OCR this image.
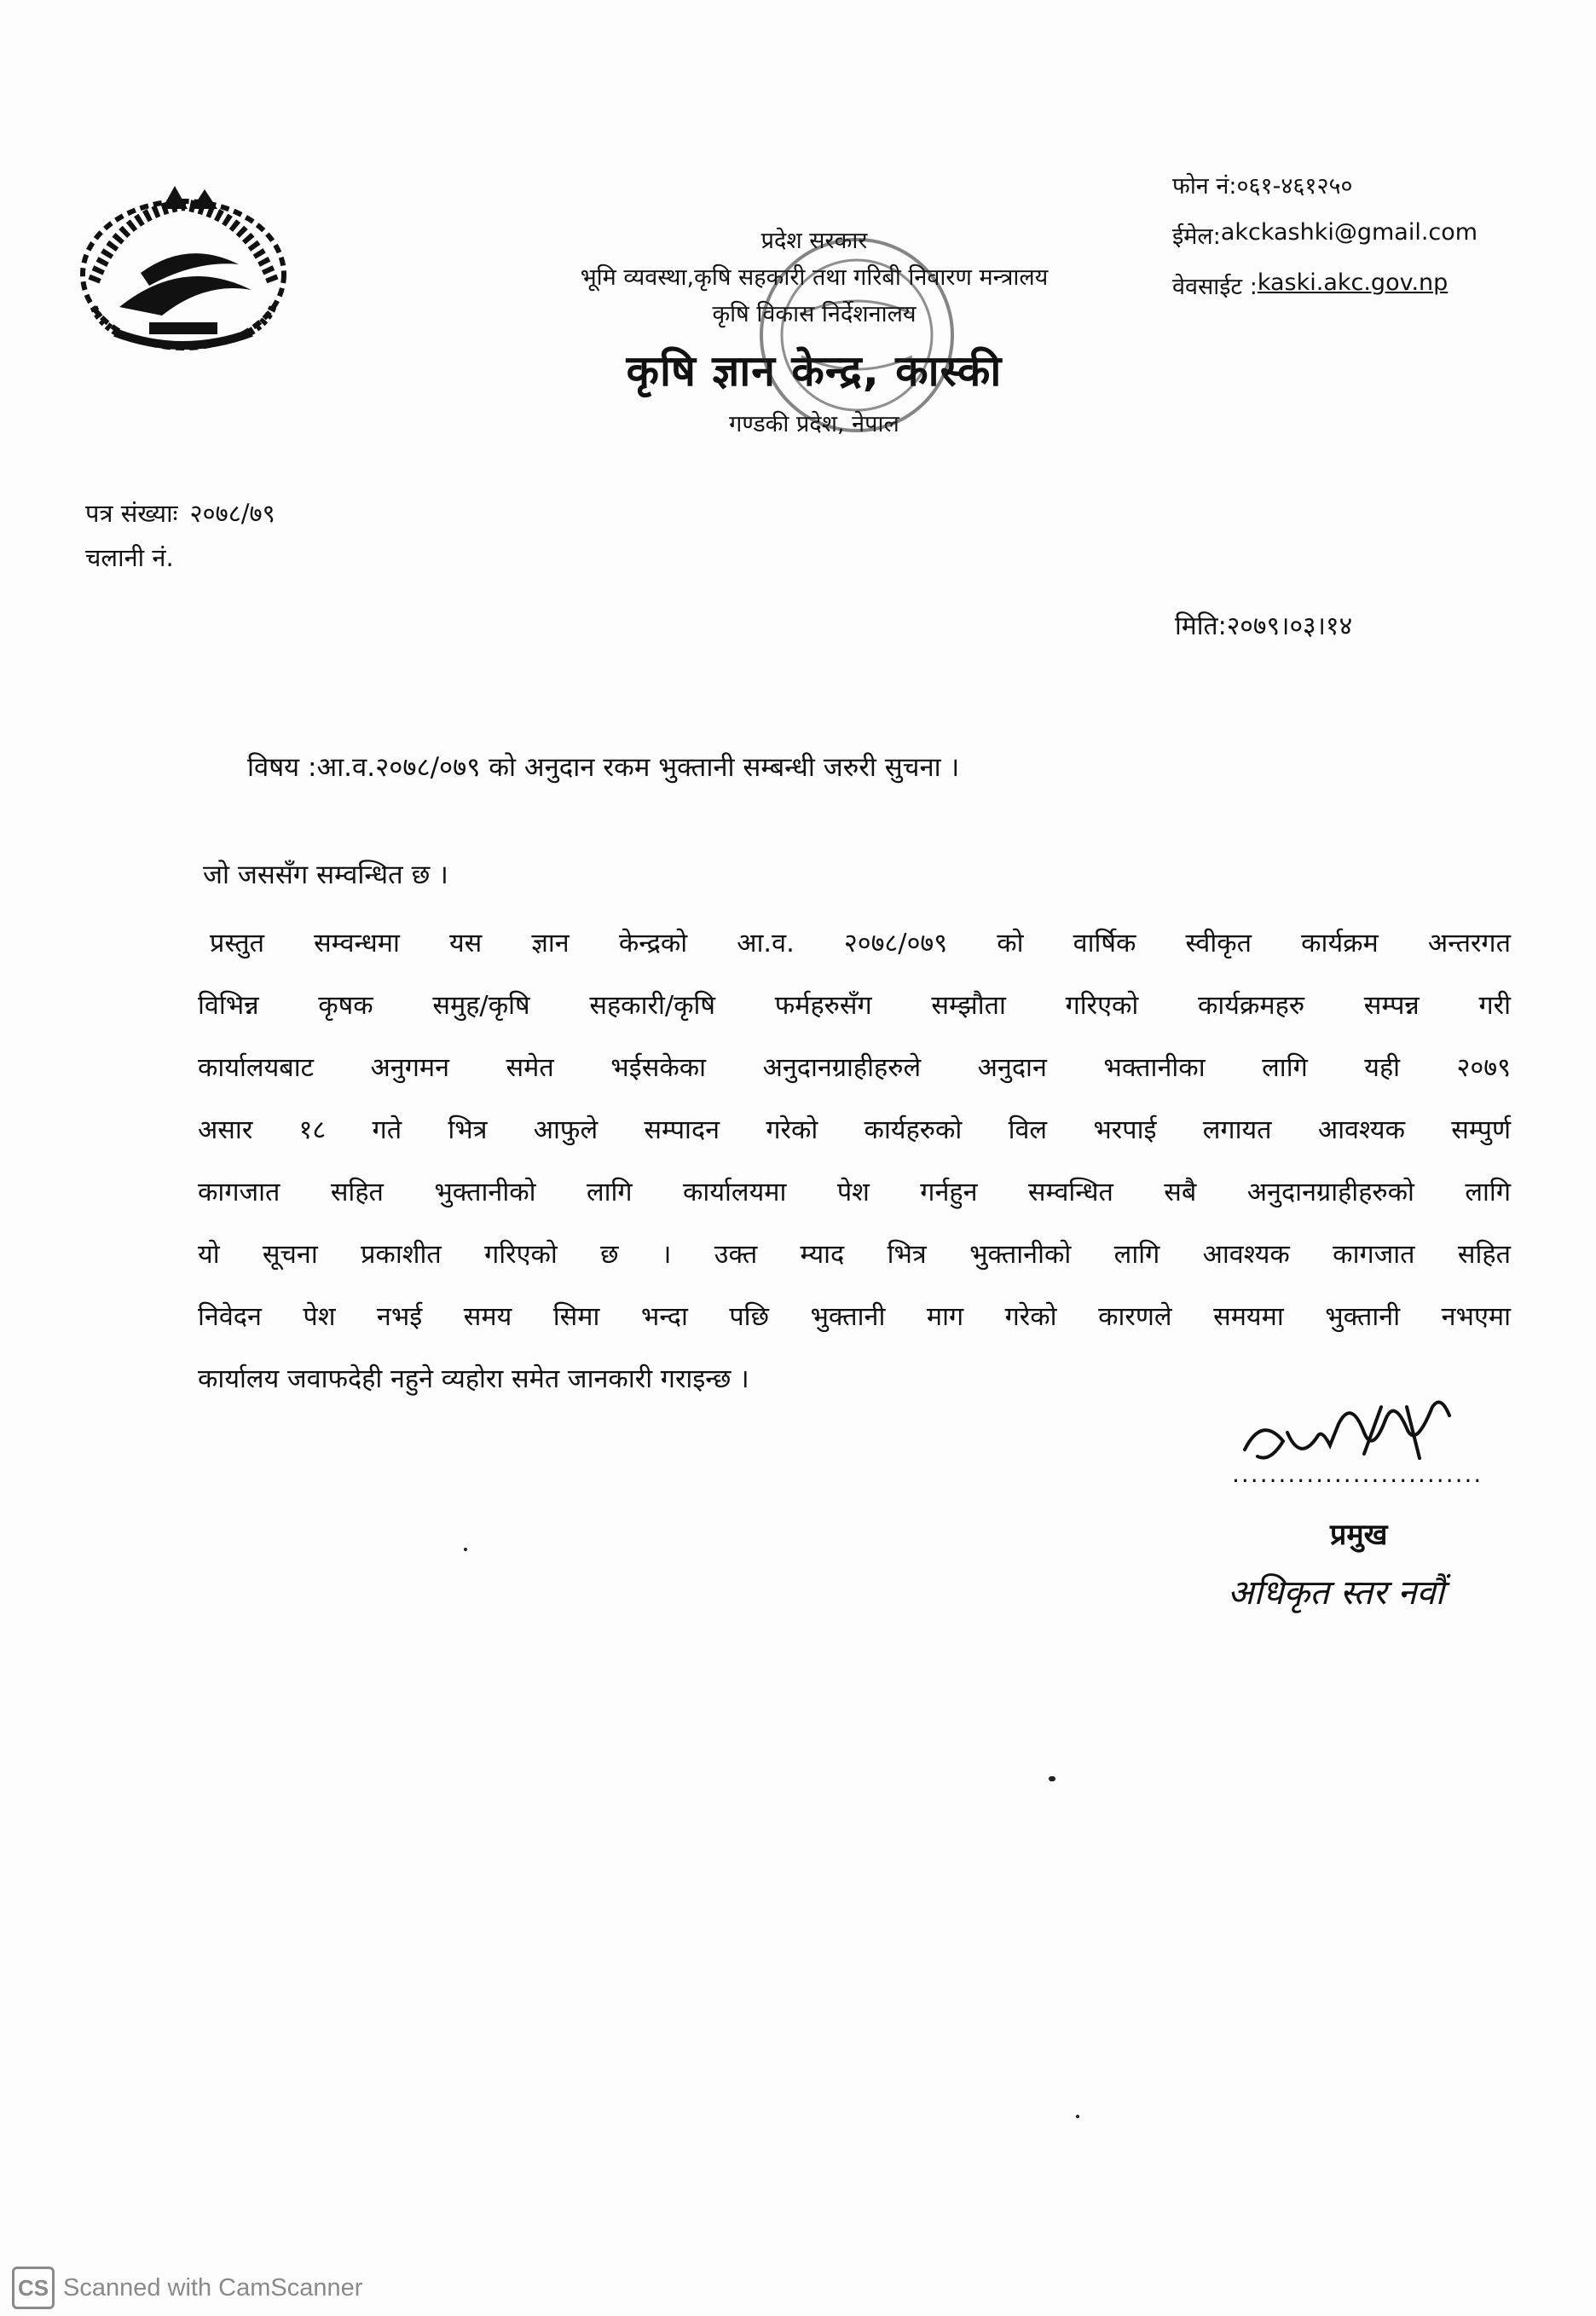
प्रदेश सरकार
भूमि व्यवस्था,कृषि सहकारी तथा गरिबी निवारण मन्त्रालय
कृषि विकास निर्देशनालय
कृषि ज्ञान केन्द्र, कास्की
गण्डकी प्रदेश, नेपाल
फोन नं: ०६१-४६१२५०
ईमेल: akckashki@gmail.com
वेवसाईट : kaski.akc.gov.np
पत्र संख्याः २०७८/७९
चलानी नं.
मिति: २०७९।०३।१४
विषय : आ.व.२०७८/०७९ को अनुदान रकम भुक्तानी सम्बन्धी जरुरी सुचना ।
जो जससँग सम्वन्धित छ ।
प्रस्तुत सम्वन्धमा यस ज्ञान केन्द्रको आ.व. २०७८/०७९ को वार्षिक स्वीकृत कार्यक्रम अन्तरगत
विभिन्न कृषक समुह/कृषि सहकारी/कृषि फर्महरुसँग सम्झौता गरिएको कार्यक्रमहरु सम्पन्न गरी
कार्यालयबाट अनुगमन समेत भईसकेका अनुदानग्राहीहरुले अनुदान भक्तानीका लागि यही २०७९
असार १८ गते भित्र आफुले सम्पादन गरेको कार्यहरुको विल भरपाई लगायत आवश्यक सम्पुर्ण
कागजात सहित भुक्तानीको लागि कार्यालयमा पेश गर्नहुन सम्वन्धित सबै अनुदानग्राहीहरुको लागि
यो सूचना प्रकाशीत गरिएको छ । उक्त म्याद भित्र भुक्तानीको लागि आवश्यक कागजात सहित
निवेदन पेश नभई समय सिमा भन्दा पछि भुक्तानी माग गरेको कारणले समयमा भुक्तानी नभएमा
कार्यालय जवाफदेही नहुने व्यहोरा समेत जानकारी गराइन्छ ।
...........................
प्रमुख
अधिकृत स्तर नवौं
CS Scanned with CamScanner
